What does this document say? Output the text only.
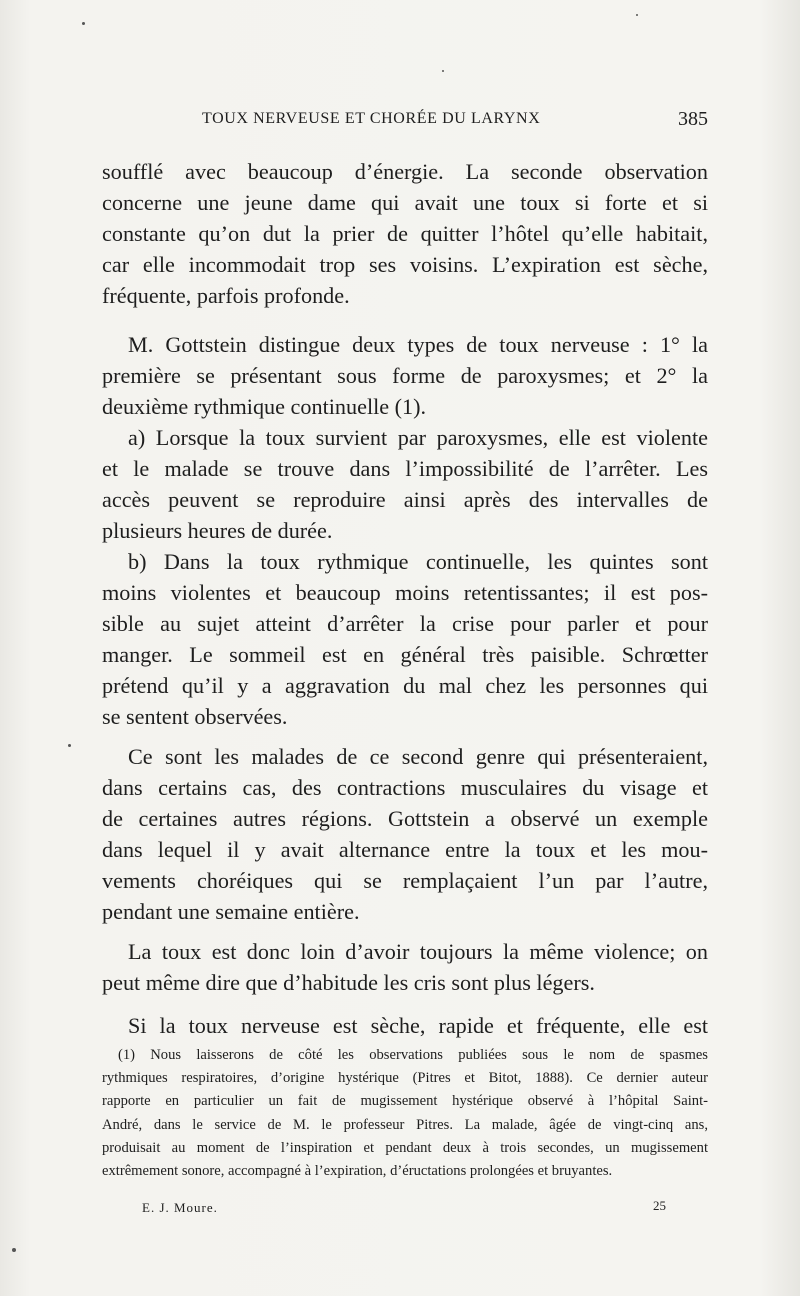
TOUX NERVEUSE ET CHORÉE DU LARYNX	385
soufflé avec beaucoup d’énergie. La seconde observation
concerne une jeune dame qui avait une toux si forte et si
constante qu’on dut la prier de quitter l’hôtel qu’elle habitait,
car elle incommodait trop ses voisins. L’expiration est sèche,
fréquente, parfois profonde.
M. Gottstein distingue deux types de toux nerveuse : 1° la
première se présentant sous forme de paroxysmes; et 2° la
deuxième rythmique continuelle (1).
a) Lorsque la toux survient par paroxysmes, elle est violente
et le malade se trouve dans l’impossibilité de l’arrêter. Les
accès peuvent se reproduire ainsi après des intervalles de
plusieurs heures de durée.
b) Dans la toux rythmique continuelle, les quintes sont
moins violentes et beaucoup moins retentissantes; il est pos-
sible au sujet atteint d’arrêter la crise pour parler et pour
manger. Le sommeil est en général très paisible. Schrœtter
prétend qu’il y a aggravation du mal chez les personnes qui
se sentent observées.
Ce sont les malades de ce second genre qui présenteraient,
dans certains cas, des contractions musculaires du visage et
de certaines autres régions. Gottstein a observé un exemple
dans lequel il y avait alternance entre la toux et les mou-
vements choréiques qui se remplaçaient l’un par l’autre,
pendant une semaine entière.
La toux est donc loin d’avoir toujours la même violence; on
peut même dire que d’habitude les cris sont plus légers.
Si la toux nerveuse est sèche, rapide et fréquente, elle est
(1) Nous laisserons de côté les observations publiées sous le nom de spasmes
rythmiques respiratoires, d’origine hystérique (Pitres et Bitot, 1888). Ce dernier auteur
rapporte en particulier un fait de mugissement hystérique observé à l’hôpital Saint-
André, dans le service de M. le professeur Pitres. La malade, âgée de vingt-cinq ans,
produisait au moment de l’inspiration et pendant deux à trois secondes, un mugissement
extrêmement sonore, accompagné à l’expiration, d’éructations prolongées et bruyantes.
E. J. Moure.	25
